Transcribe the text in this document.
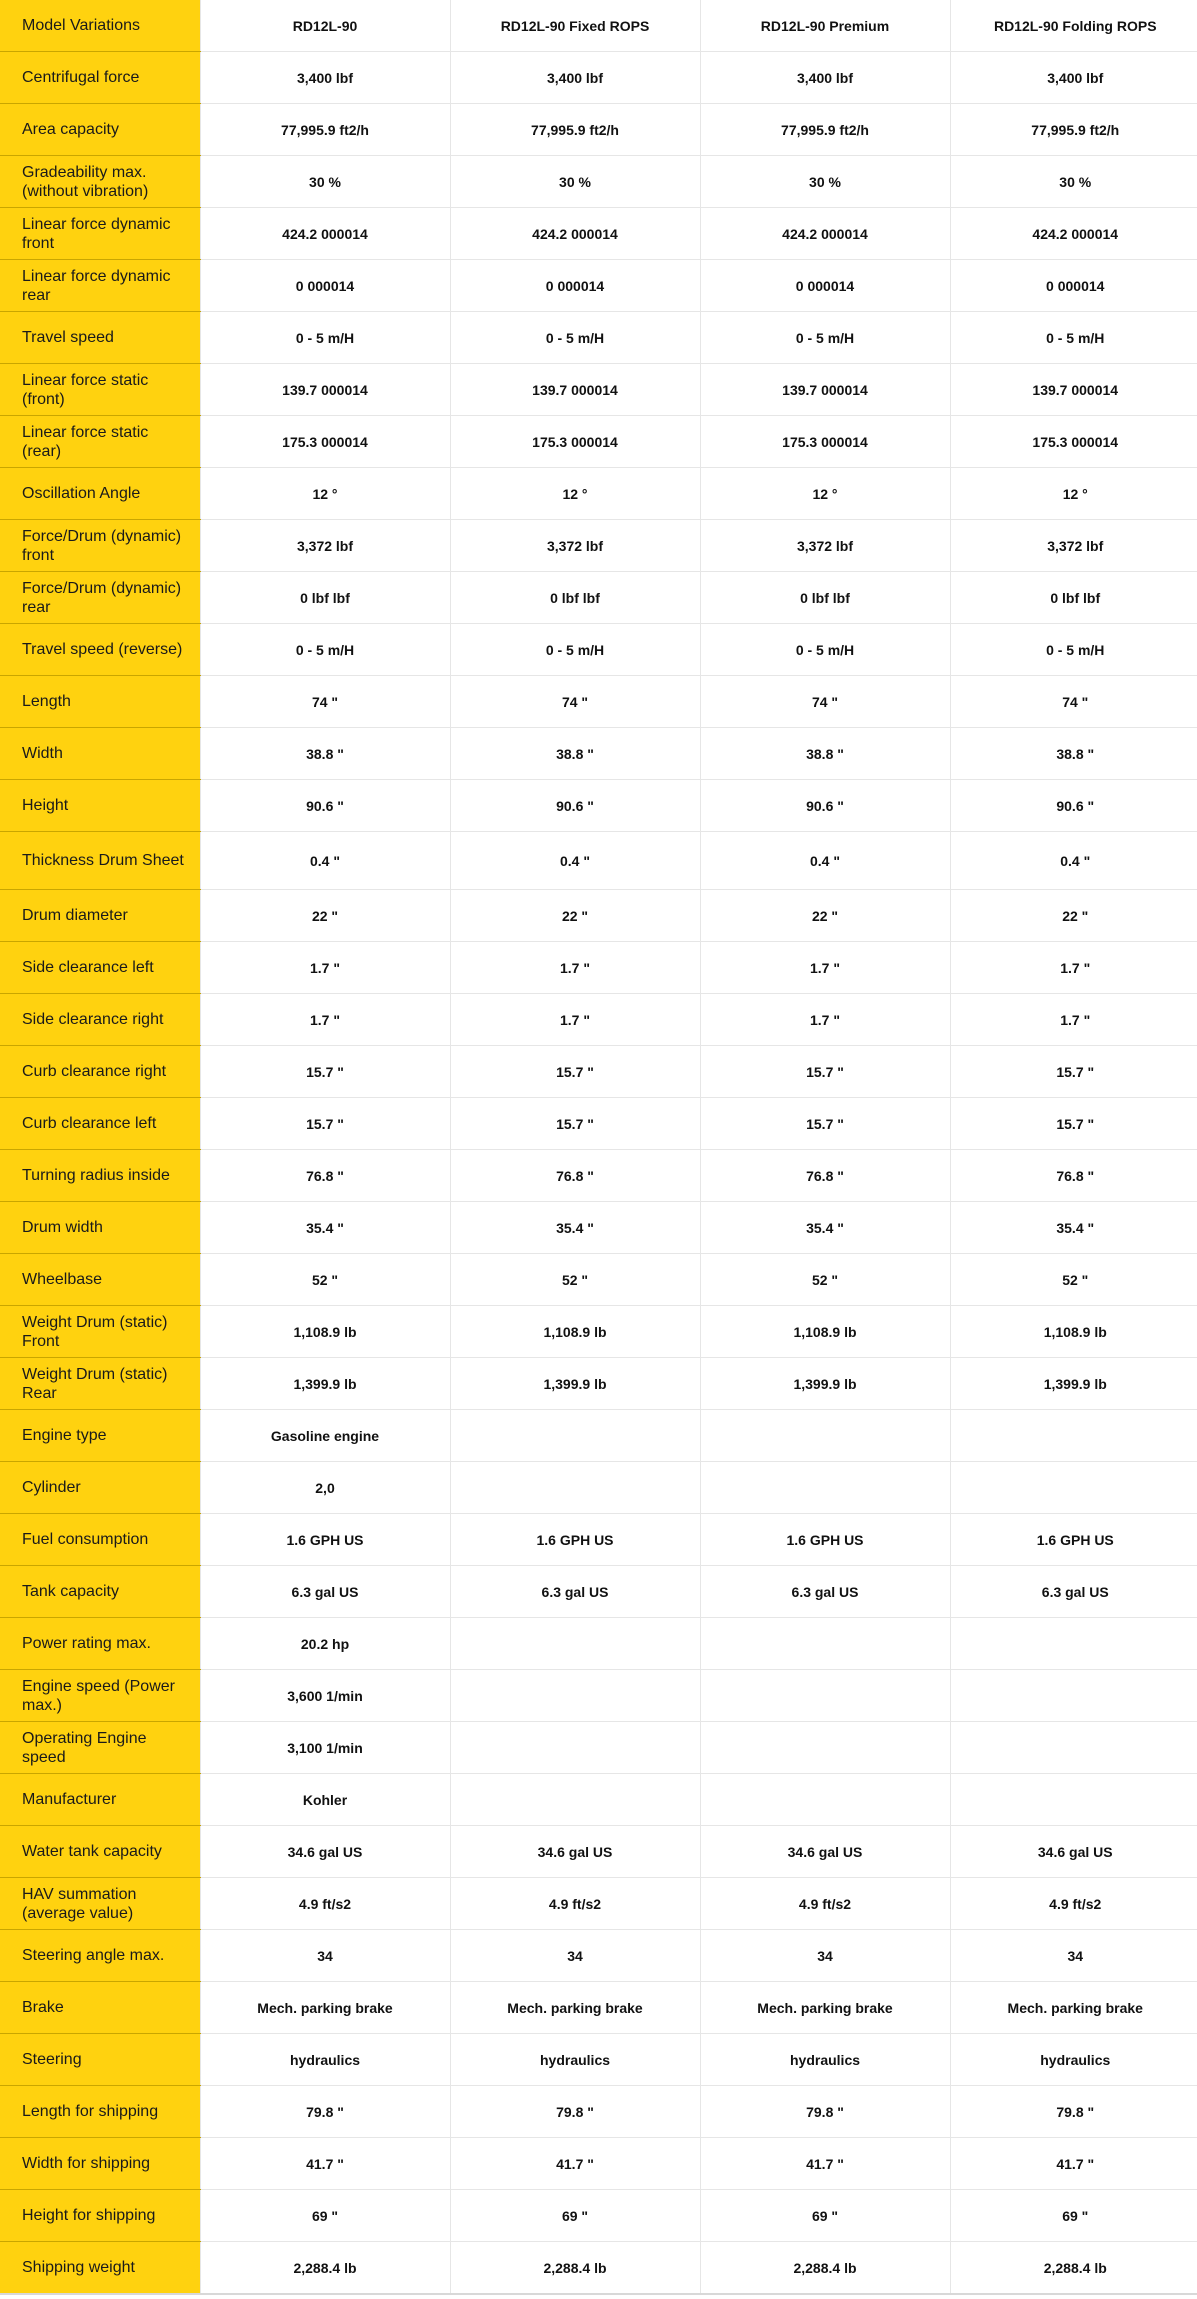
Model Variations	RD12L-90	RD12L-90 Fixed ROPS	RD12L-90 Premium	RD12L-90 Folding ROPS
Centrifugal force	3,400 lbf	3,400 lbf	3,400 lbf	3,400 lbf
Area capacity	77,995.9 ft2/h	77,995.9 ft2/h	77,995.9 ft2/h	77,995.9 ft2/h
Gradeability max. (without vibration)	30 %	30 %	30 %	30 %
Linear force dynamic front	424.2 000014	424.2 000014	424.2 000014	424.2 000014
Linear force dynamic rear	0 000014	0 000014	0 000014	0 000014
Travel speed	0 - 5 m/H	0 - 5 m/H	0 - 5 m/H	0 - 5 m/H
Linear force static (front)	139.7 000014	139.7 000014	139.7 000014	139.7 000014
Linear force static (rear)	175.3 000014	175.3 000014	175.3 000014	175.3 000014
Oscillation Angle	12 °	12 °	12 °	12 °
Force/Drum (dynamic) front	3,372 lbf	3,372 lbf	3,372 lbf	3,372 lbf
Force/Drum (dynamic) rear	0 lbf lbf	0 lbf lbf	0 lbf lbf	0 lbf lbf
Travel speed (reverse)	0 - 5 m/H	0 - 5 m/H	0 - 5 m/H	0 - 5 m/H
Length	74 "	74 "	74 "	74 "
Width	38.8 "	38.8 "	38.8 "	38.8 "
Height	90.6 "	90.6 "	90.6 "	90.6 "
Thickness Drum Sheet	0.4 "	0.4 "	0.4 "	0.4 "
Drum diameter	22 "	22 "	22 "	22 "
Side clearance left	1.7 "	1.7 "	1.7 "	1.7 "
Side clearance right	1.7 "	1.7 "	1.7 "	1.7 "
Curb clearance right	15.7 "	15.7 "	15.7 "	15.7 "
Curb clearance left	15.7 "	15.7 "	15.7 "	15.7 "
Turning radius inside	76.8 "	76.8 "	76.8 "	76.8 "
Drum width	35.4 "	35.4 "	35.4 "	35.4 "
Wheelbase	52 "	52 "	52 "	52 "
Weight Drum (static) Front	1,108.9 lb	1,108.9 lb	1,108.9 lb	1,108.9 lb
Weight Drum (static) Rear	1,399.9 lb	1,399.9 lb	1,399.9 lb	1,399.9 lb
Engine type	Gasoline engine			
Cylinder	2,0			
Fuel consumption	1.6 GPH US	1.6 GPH US	1.6 GPH US	1.6 GPH US
Tank capacity	6.3 gal US	6.3 gal US	6.3 gal US	6.3 gal US
Power rating max.	20.2 hp			
Engine speed (Power max.)	3,600 1/min			
Operating Engine speed	3,100 1/min			
Manufacturer	Kohler			
Water tank capacity	34.6 gal US	34.6 gal US	34.6 gal US	34.6 gal US
HAV summation (average value)	4.9 ft/s2	4.9 ft/s2	4.9 ft/s2	4.9 ft/s2
Steering angle max.	34	34	34	34
Brake	Mech. parking brake	Mech. parking brake	Mech. parking brake	Mech. parking brake
Steering	hydraulics	hydraulics	hydraulics	hydraulics
Length for shipping	79.8 "	79.8 "	79.8 "	79.8 "
Width for shipping	41.7 "	41.7 "	41.7 "	41.7 "
Height for shipping	69 "	69 "	69 "	69 "
Shipping weight	2,288.4 lb	2,288.4 lb	2,288.4 lb	2,288.4 lb
